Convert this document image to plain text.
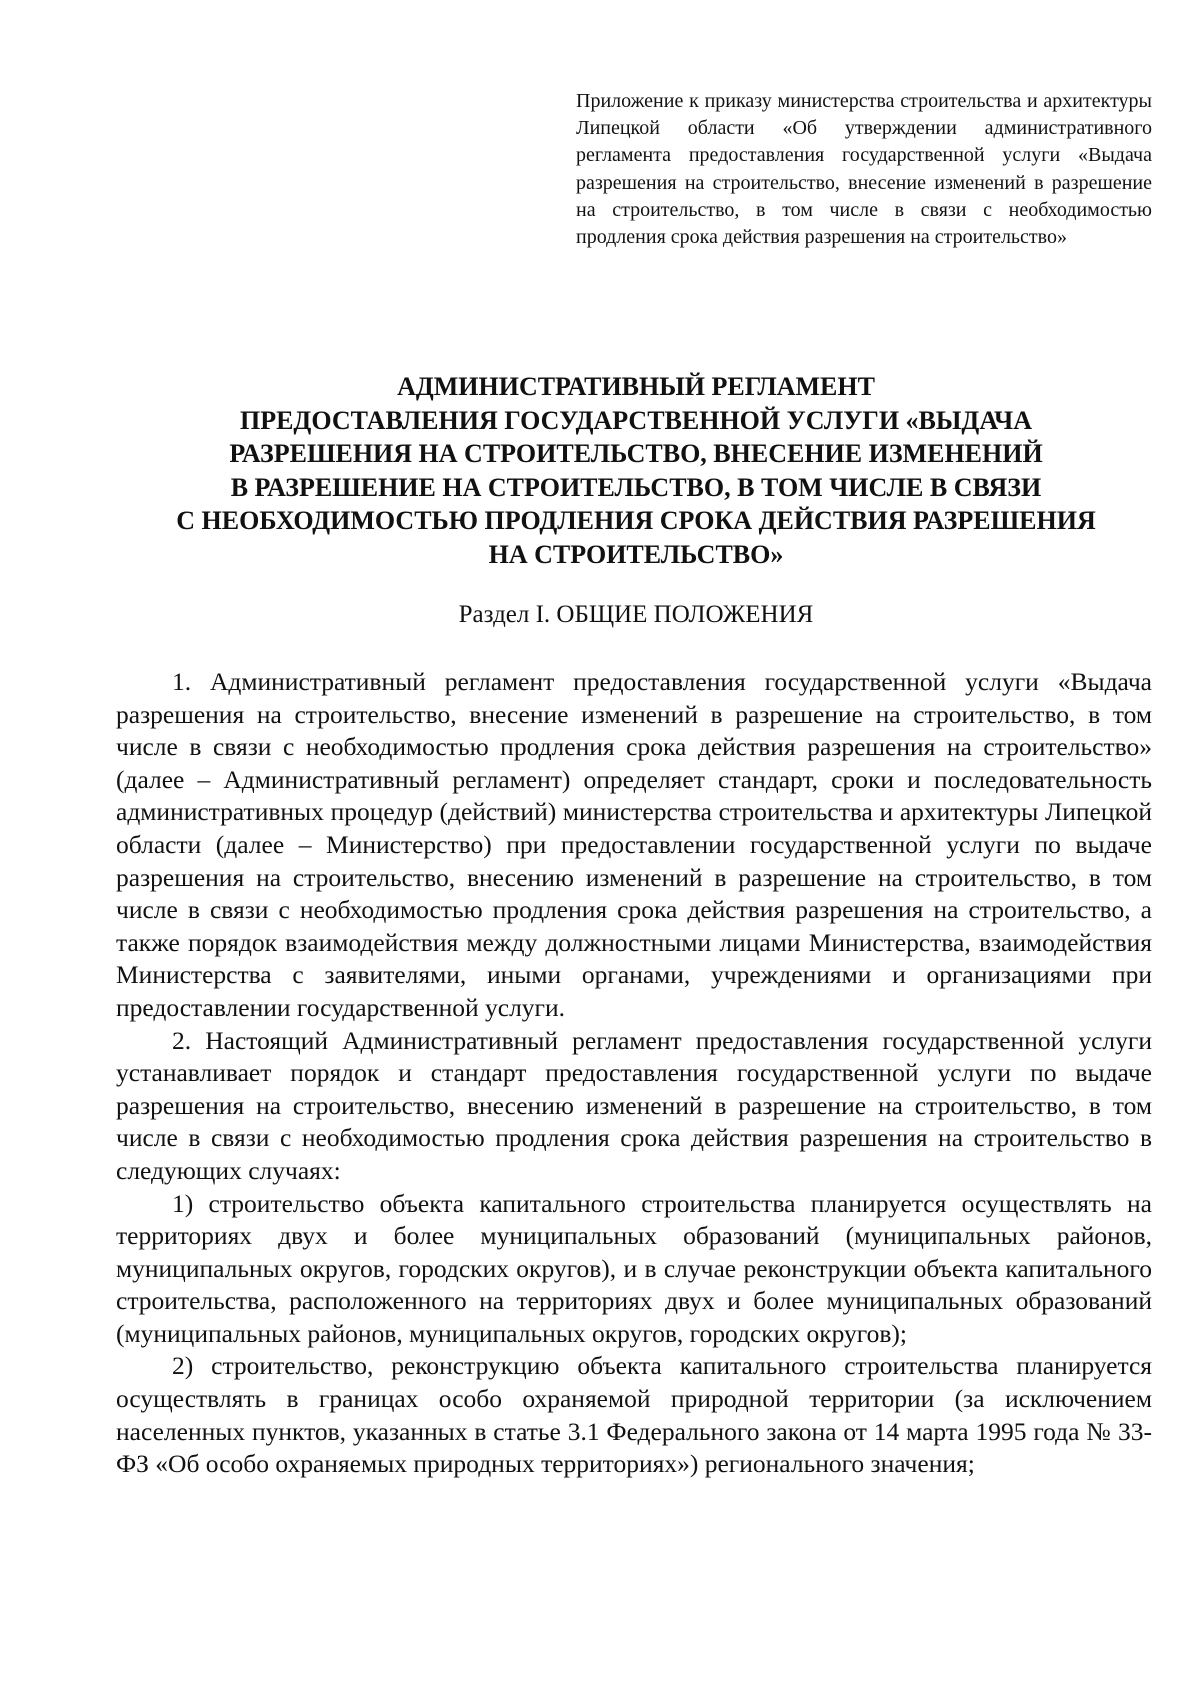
Приложение к приказу министерства строительства и архитектуры Липецкой области «Об утверждении административного регламента предоставления государственной услуги «Выдача разрешения на строительство, внесение изменений в разрешение на строительство, в том числе в связи с необходимостью продления срока действия разрешения на строительство»
АДМИНИСТРАТИВНЫЙ РЕГЛАМЕНТ
ПРЕДОСТАВЛЕНИЯ ГОСУДАРСТВЕННОЙ УСЛУГИ «ВЫДАЧА
РАЗРЕШЕНИЯ НА СТРОИТЕЛЬСТВО, ВНЕСЕНИЕ ИЗМЕНЕНИЙ
В РАЗРЕШЕНИЕ НА СТРОИТЕЛЬСТВО, В ТОМ ЧИСЛЕ В СВЯЗИ
С НЕОБХОДИМОСТЬЮ ПРОДЛЕНИЯ СРОКА ДЕЙСТВИЯ РАЗРЕШЕНИЯ
НА СТРОИТЕЛЬСТВО»
Раздел I. ОБЩИЕ ПОЛОЖЕНИЯ

1. Административный регламент предоставления государственной услуги «Выдача разрешения на строительство, внесение изменений в разрешение на строительство, в том числе в связи с необходимостью продления срока действия разрешения на строительство» (далее – Административный регламент) определяет стандарт, сроки и последовательность административных процедур (действий) министерства строительства и архитектуры Липецкой области (далее – Министерство) при предоставлении государственной услуги по выдаче разрешения на строительство, внесению изменений в разрешение на строительство, в том числе в связи с необходимостью продления срока действия разрешения на строительство, а также порядок взаимодействия между должностными лицами Министерства, взаимодействия Министерства с заявителями, иными органами, учреждениями и организациями при предоставлении государственной услуги.

2. Настоящий Административный регламент предоставления государственной услуги устанавливает порядок и стандарт предоставления государственной услуги по выдаче разрешения на строительство, внесению изменений в разрешение на строительство, в том числе в связи с необходимостью продления срока действия разрешения на строительство в следующих случаях:

1) строительство объекта капитального строительства планируется осуществлять на территориях двух и более муниципальных образований (муниципальных районов, муниципальных округов, городских округов), и в случае реконструкции объекта капитального строительства, расположенного на территориях двух и более муниципальных образований (муниципальных районов, муниципальных округов, городских округов);

2) строительство, реконструкцию объекта капитального строительства планируется осуществлять в границах особо охраняемой природной территории (за исключением населенных пунктов, указанных в статье 3.1 Федерального закона от 14 марта 1995 года № 33-ФЗ «Об особо охраняемых природных территориях») регионального значения;
